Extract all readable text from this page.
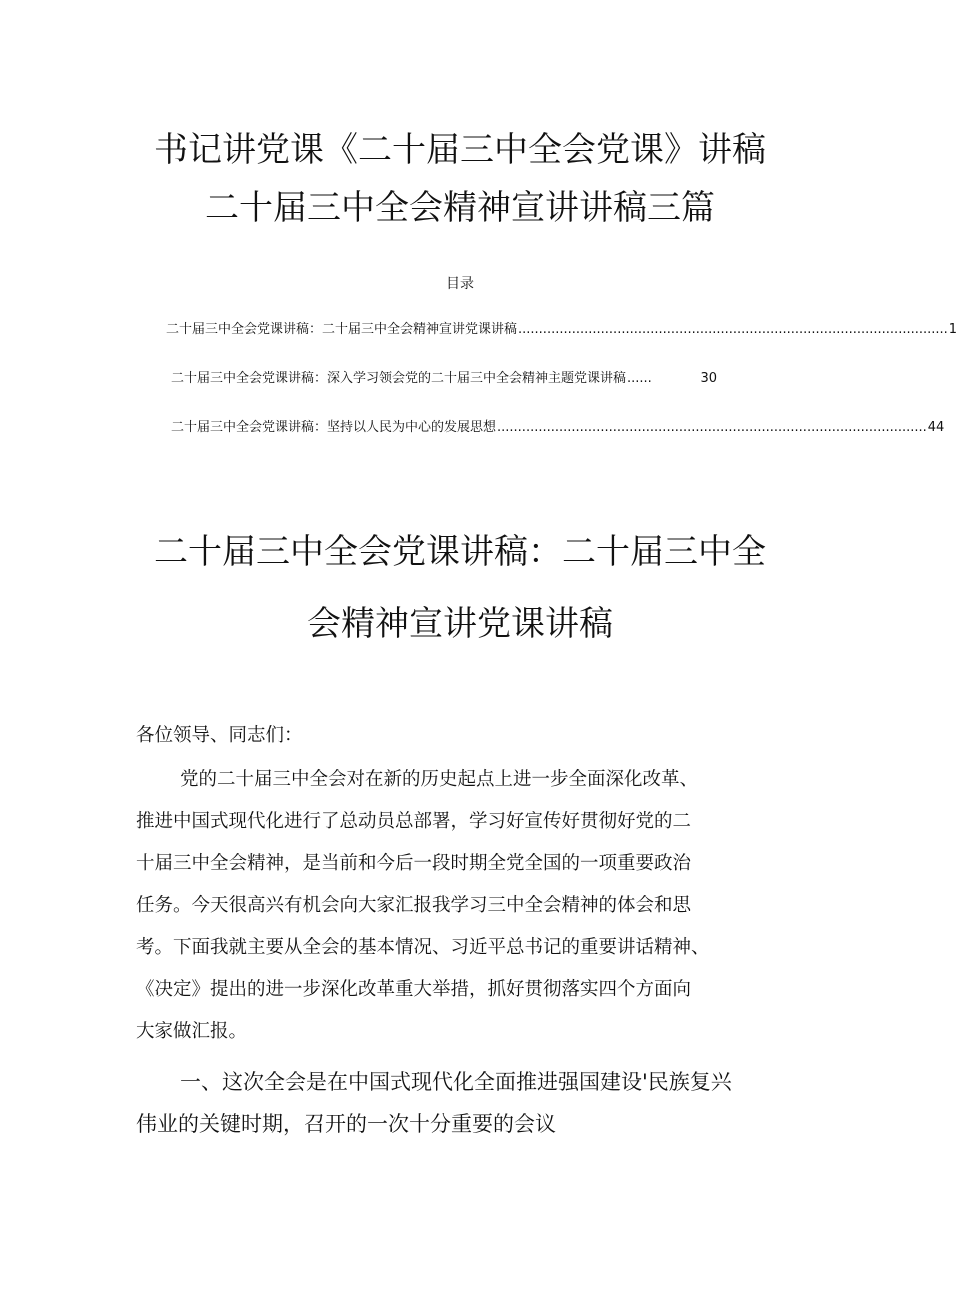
书记讲党课《二十届三中全会党课》讲稿
二十届三中全会精神宣讲讲稿三篇
目录
二十届三中全会党课讲稿：二十届三中全会精神宣讲党课讲稿 ........................................................................................................ 1
二十届三中全会党课讲稿：深入学习领会党的二十届三中全会精神主题党课讲稿 ......	30
二十届三中全会党课讲稿：坚持以人民为中心的发展思想 ........................................................................................................ 44
二十届三中全会党课讲稿：二十届三中全
会精神宣讲党课讲稿
各位领导、同志们：
党的二十届三中全会对在新的历史起点上进一步全面深化改革、
推进中国式现代化进行了总动员总部署，学习好宣传好贯彻好党的二
十届三中全会精神，是当前和今后一段时期全党全国的一项重要政治
任务。今天很高兴有机会向大家汇报我学习三中全会精神的体会和思
考。下面我就主要从全会的基本情况、习近平总书记的重要讲话精神、
《决定》提出的进一步深化改革重大举措，抓好贯彻落实四个方面向
大家做汇报。
一、这次全会是在中国式现代化全面推进强国建设'民族复兴
伟业的关键时期，召开的一次十分重要的会议
